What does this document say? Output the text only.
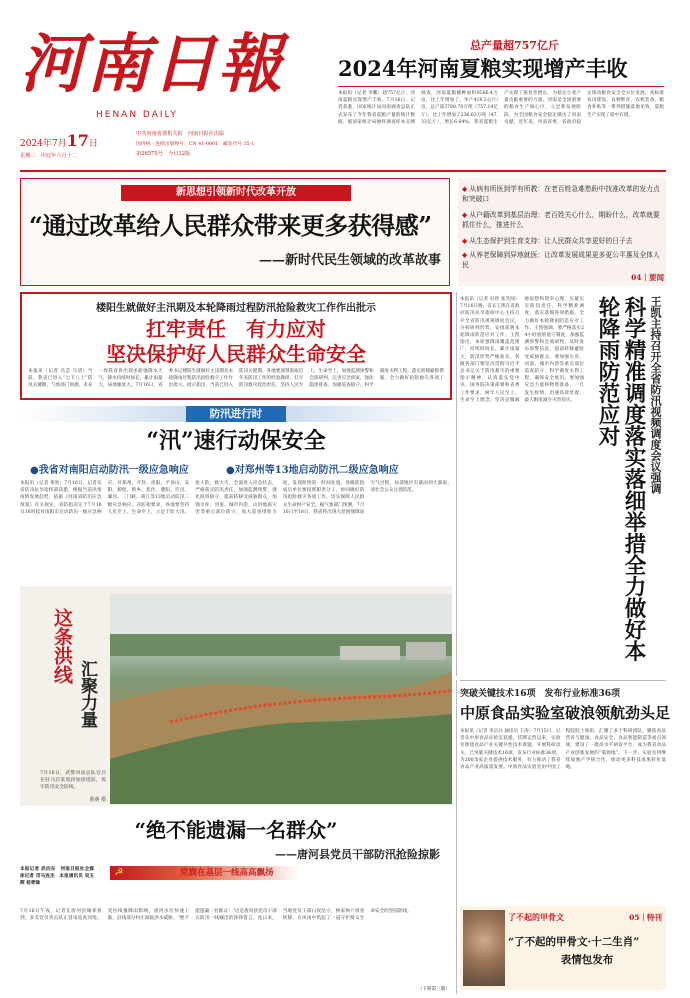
河南日報
HENAN DAILY
2024年7月17日
星期三　甲辰年六月十二
中共河南省委机关报　河南日报社出版
国内统一连续出版物号：CN 41-0001　邮发代号 35-1
第26575号　今日12版
总产量超757亿斤
2024年河南夏粮实现增产丰收
本报讯（记者 李鹏）超757亿斤，河南夏粮实现增产丰收。7月16日，记者获悉，国家统计局河南调查总队正式发布了今年我省夏粮产量的统计数据。据国家统计局抽样调查样本实测调查，河南夏粮播种面积8566.4万亩，比上年增加了，单产418.3公斤/亩，总产量3780.70万吨（757.14亿斤），比上年增加了236.63万吨（47.33亿斤），增长6.64%，我省夏粮生产实现了恢复性增长。为稳定小麦产量贡献重要的力量。河南是全国重要的粮食生产核心区，立足新发展阶段，为全国粮食安全稳定做出了河南贡献。近年来，河南省委、省政府稳定推动粮食安全全方位发展，高标准农田建设、良种繁育、农机装备、粮食补贴等一系列措施落地见效，夏粮生产实现了稳中有增。
新思想引领新时代改革开放
“通过改革给人民群众带来更多获得感”
——新时代民生领域的改革故事
◆ 从病有所医到学有所教：在老百姓急难愁盼中找准改革的发力点和突破口
◆ 从户籍改革到基层治理：老百姓关心什么，期盼什么，改革就要抓住什么，推进什么
◆ 从生态保护到生育支持：让人民群众共享更好的日子去
◆ 从养老保障到异地就医：让改革发展成果更多更公平惠及全体人民
04｜要闻
楼阳生就做好主汛期及本轮降雨过程防汛抢险救灾工作作出批示
扛牢责任　有力应对
坚决保护好人民群众生命安全
本报讯（记者 冯芸 马清）当前，我省已进入“七下八上”防汛关键期，气象部门预测，未来一周我省将出现多轮强降水天气，降水持续时间长，累计雨量大，局地强度大。7月16日，省委书记楼阳生就做好主汛期及本轮降雨过程防汛抢险救灾工作作出批示。批示指出，当前已进入防汛关键期，各地要深刻汲取近年来防汛工作的经验教训，扛牢防汛救灾政治责任，坚持人民至上、生命至上，加强监测预警和会商研判，完善应急预案，强化隐患排查，加强巡查值守，科学调度水利工程，落实转移避险措施，全力做好抢险救灾各项工
本报讯（记者 归欣 张笑闻）7月16日晚，省长王凯在省政府防汛抗旱指挥中心主持召开全省防汛视频调度会议，分析研判形势，安排部署本轮降雨防范应对工作。王凯指出，本轮强降雨覆盖范围广，持续时间长，累计雨量大，防汛形势严峻复杂。各级各部门要坚决贯彻习近平总书记关于防汛救灾的重要指示精神，认真落实党中央、国务院决策部署和省委工作要求，树牢人民至上、生命至上理念，坚决克服麻痹思想和侥幸心理，压紧压实防汛责任，科学精准调度，落实落细各项措施，全力做好本轮降雨防范应对工作。王凯强调，要严格落实24小时值班值守制度，加强监测预警和会商研判，及时发布预警信息，提前转移避险受威胁群众。要加强水库、河道、城市内涝等重点部位巡查防守，科学调度水利工程，确保安全度汛。要加强应急力量和物资准备，一旦发生险情，迅速高效处置，最大限度减少灾害损失。	王凯主持召开全省防汛视频调度会议强调
科学精准调度落实落细举措全力做好本轮降雨防范应对
防汛进行时
“汛”速行动保安全
●我省对南阳启动防汛一级应急响应	●对郑州等13地启动防汛二级应急响应
本报讯（记者 黄欣）7月16日，记者从省防汛抗旱指挥部获悉，根据当前汛情雨情发展趋势，依据《河南省防汛应急预案》有关规定，省防指决定于7月16日18时起对南阳市启动防汛一级应急响应，对郑州、开封、洛阳、平顶山、安阳、鹤壁、新乡、焦作、濮阳、许昌、漯河、三门峡、商丘等13地启动防汛二级应急响应。省防指要求，各地要坚持人民至上、生命至上，立足于防大汛、抢大险、救大灾，全面进入应急状态，严格落实防汛责任，加强监测预警，强化值班值守，提前转移受威胁群众，加强水库、河道、城市内涝、山洪地质灾害等重点部位防守，加大巡查排险力度，发现险情第一时间处置。各级防指成员单位要按照职责分工，协同做好防汛抢险救灾各项工作，切实保障人民群众生命财产安全。据气象部门预测，7月16日至18日，我省将出现大范围强降雨天气过程，局部地区有暴雨到大暴雨，请社会公众注意防范。
这条洪线
汇聚力量
7月16日，武警河南总队官兵在驻马店某堤段加固堤防，筑牢防汛安全防线。
黄萌 摄
“绝不能遗漏一名群众”
——唐河县党员干部防汛抢险掠影
本报记者 武向东　河南日报社全媒体记者 司马连杰　本报通讯员 吴玉辉 杨青锋
7月16日午夜，记者在唐河县城郊看到，多支党员突击队正冒雨巡查河堤。受持续强降雨影响，唐河水位快速上涨，沿线部分村庄面临洪水威胁。“绝不能遗漏一名群众！”这是唐河县党员干部在防汛一线喊出的铮铮誓言。连日来，当地党员干部日夜坚守，挨家挨户排查转移，在风雨中筑起了一道守护群众生命安全的坚固防线。
（下转第三版）
党旗在基层一线高高飘扬
☭
突破关键技术16项　发布行业标准36项
中原食品实验室破浪领航劲头足
本报讯（记者 李宗兵 通讯员 王涛）7月15日，记者从中原食品实验室获悉，挂牌运营以来，实验室围绕食品产业关键共性技术难题，开展科研攻关，已突破关键技术16项，发布行业标准36项，为200余家企业提供技术服务，有力推动了我省食品产业高质量发展。中原食品实验室由中国工程院院士领衔，汇聚了多个科研团队，聚焦食品营养与健康、食品安全、食品智能制造等重点领域，建设了一批高水平研发平台，成为我省食品产业创新发展的“策源地”。下一步，实验室将继续加强产学研合作，推动更多科技成果转化落地。
了不起的甲骨文	05｜特刊
“了不起的甲骨文·十二生肖”
表情包发布
